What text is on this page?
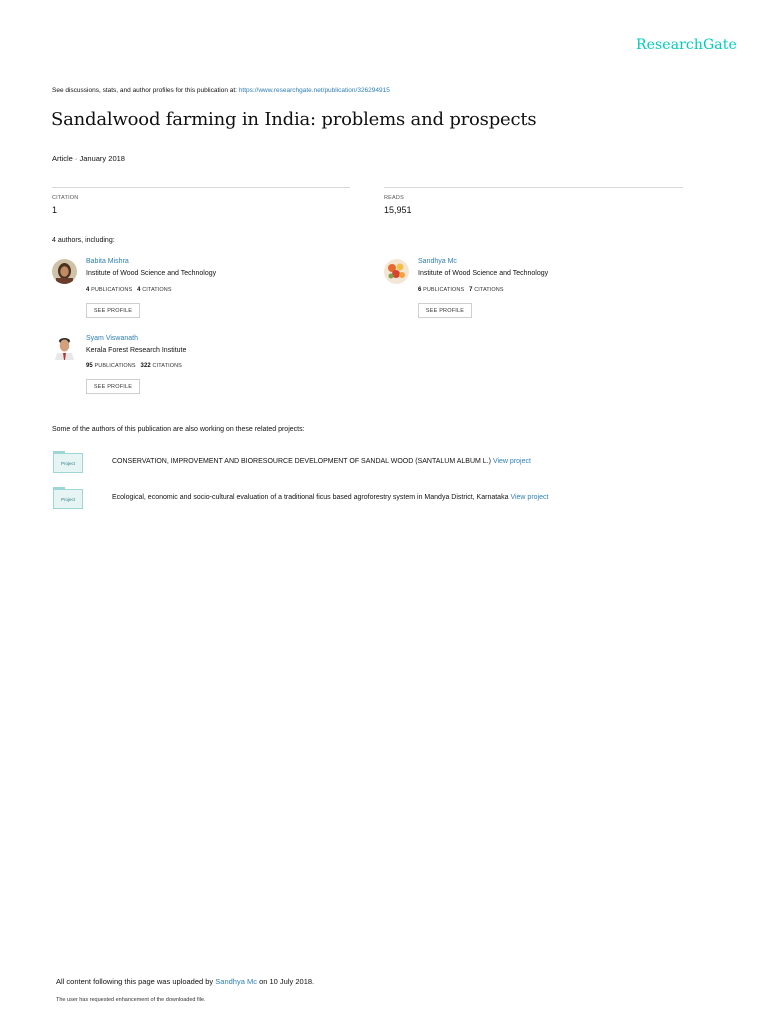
ResearchGate
See discussions, stats, and author profiles for this publication at: https://www.researchgate.net/publication/326294915
Sandalwood farming in India: problems and prospects
Article · January 2018
CITATION
1
READS
15,951
4 authors, including:
Babita Mishra
Institute of Wood Science and Technology
4 PUBLICATIONS 4 CITATIONS
SEE PROFILE
Sandhya Mc
Institute of Wood Science and Technology
6 PUBLICATIONS 7 CITATIONS
SEE PROFILE
Syam Viswanath
Kerala Forest Research Institute
95 PUBLICATIONS 322 CITATIONS
SEE PROFILE
Some of the authors of this publication are also working on these related projects:
Project	CONSERVATION, IMPROVEMENT AND BIORESOURCE DEVELOPMENT OF SANDAL WOOD (SANTALUM ALBUM L.) View project
Project	Ecological, economic and socio-cultural evaluation of a traditional ficus based agroforestry system in Mandya District, Karnataka View project
All content following this page was uploaded by Sandhya Mc on 10 July 2018.
The user has requested enhancement of the downloaded file.
